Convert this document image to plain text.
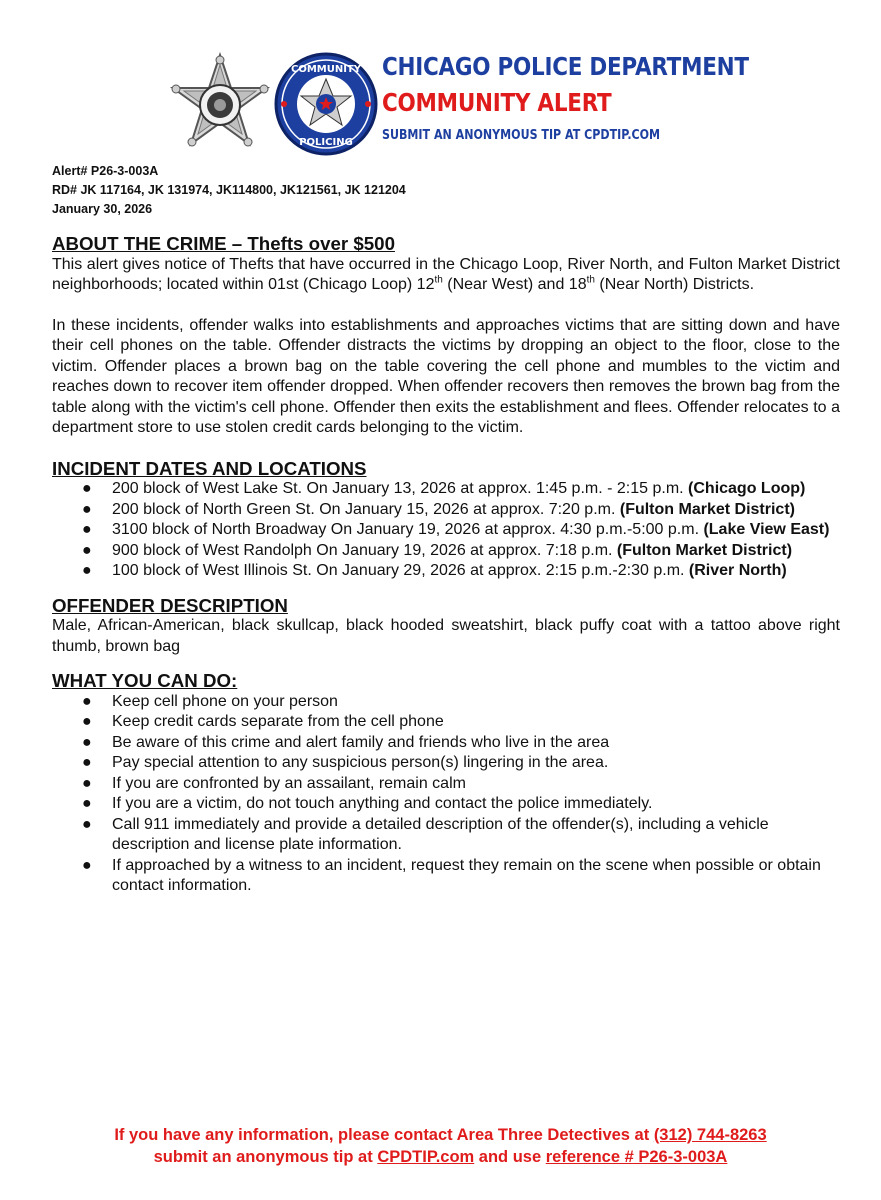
COMMUNITY
POLICING
CHICAGO POLICE DEPARTMENT
COMMUNITY ALERT
SUBMIT AN ANONYMOUS TIP AT CPDTIP.COM
Alert# P26-3-003A
RD# JK 117164, JK 131974, JK114800, JK121561, JK 121204
January 30, 2026
ABOUT THE CRIME – Thefts over $500

This alert gives notice of Thefts that have occurred in the Chicago Loop, River North, and Fulton Market District neighborhoods; located within 01st (Chicago Loop) 12th (Near West) and 18th (Near North) Districts.

In these incidents, offender walks into establishments and approaches victims that are sitting down and have their cell phones on the table. Offender distracts the victims by dropping an object to the floor, close to the victim. Offender places a brown bag on the table covering the cell phone and mumbles to the victim and reaches down to recover item offender dropped. When offender recovers then removes the brown bag from the table along with the victim's cell phone. Offender then exits the establishment and flees. Offender relocates to a department store to use stolen credit cards belonging to the victim.

INCIDENT DATES AND LOCATIONS
● 200 block of West Lake St. On January 13, 2026 at approx. 1:45 p.m. - 2:15 p.m. (Chicago Loop)
● 200 block of North Green St. On January 15, 2026 at approx. 7:20 p.m. (Fulton Market District)
● 3100 block of North Broadway On January 19, 2026 at approx. 4:30 p.m.-5:00 p.m. (Lake View East)
● 900 block of West Randolph On January 19, 2026 at approx. 7:18 p.m. (Fulton Market District)
● 100 block of West Illinois St. On January 29, 2026 at approx. 2:15 p.m.-2:30 p.m. (River North)
OFFENDER DESCRIPTION

Male, African-American, black skullcap, black hooded sweatshirt, black puffy coat with a tattoo above right thumb, brown bag

WHAT YOU CAN DO:
● Keep cell phone on your person
● Keep credit cards separate from the cell phone
● Be aware of this crime and alert family and friends who live in the area
● Pay special attention to any suspicious person(s) lingering in the area.
● If you are confronted by an assailant, remain calm
● If you are a victim, do not touch anything and contact the police immediately.
● Call 911 immediately and provide a detailed description of the offender(s), including a vehicle description and license plate information.
● If approached by a witness to an incident, request they remain on the scene when possible or obtain contact information.
If you have any information, please contact Area Three Detectives at (312) 744-8263
submit an anonymous tip at CPDTIP.com and use reference # P26-3-003A
